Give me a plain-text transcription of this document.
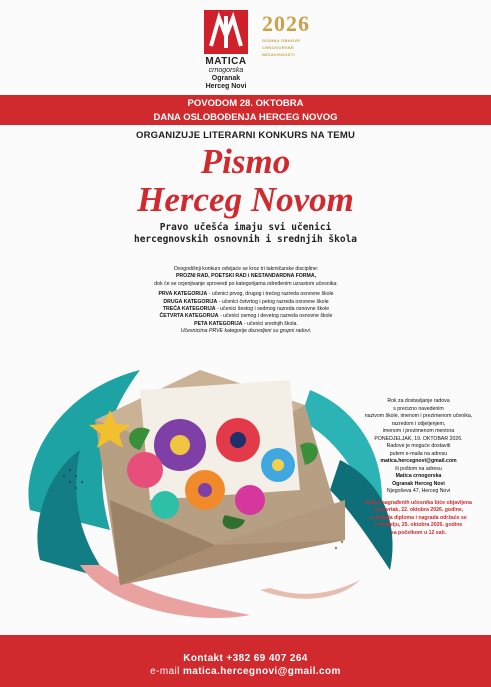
MATICA
crnogorska
Ogranak
Herceg Novi
2026
GODINA OBNOVE
CRNOGORSKE
NEZAVISNOSTI
POVODOM 28. OKTOBRA
DANA OSLOBOĐENJA HERCEG NOVOG
ORGANIZUJE LITERARNI KONKURS NA TEMU
Pismo
Herceg Novom
Pravo učešća imaju svi učenici
hercegnovskih osnovnih i srednjih škola
Ovogodišnji konkurs odvijaće se kroz tri takmičarske discipline:
PROZNI RAD, POETSKI RAD i NESTANDARDNA FORMA,
dok će se ocjenjivanje sprovesti po kategorijama određenim uzrastom učesnika:
PRVA KATEGORIJA - učenici prvog, drugog i trećeg razreda osnovne škole
DRUGA KATEGORIJA - učenici četvrtog i petog razreda osnovne škole
TREĆA KATEGORIJA - učenici šestog i sedmog razreda osnovne škole
ČETVRTA KATEGORIJA - učenici osmog i devetog razreda osnovne škole
PETA KATEGORIJA - učenici srednjih škola.
Učesnicima PRVE kategorije dozvoljeni su grupni radovi.
Rok za dostavljanje radova
s precizno navedenim
nazivom škole, imenom i prezimenom učenika,
razredom i odjeljenjem,
imenom i prezimenom mentora
PONEDJELJAK, 19. OKTOBAR 2026.
Radove je moguće dostaviti
putem e-maila na adresu
matica.hercegnovi@gmail.com
ili poštom na adresu
Matica crnogorska
Ogranak Herceg Novi
Njegoševa 47, Herceg Novi
Imena nagrađenih učesnika biće objavljena
u četvrtak, 22. oktobra 2026. godine,
a dodjela diploma i nagrada održaće se
u nedjelju, 25. oktobra 2026. godine
sa početkom u 12 sati.
Kontakt +382 69 407 264
e-mail matica.hercegnovi@gmail.com
